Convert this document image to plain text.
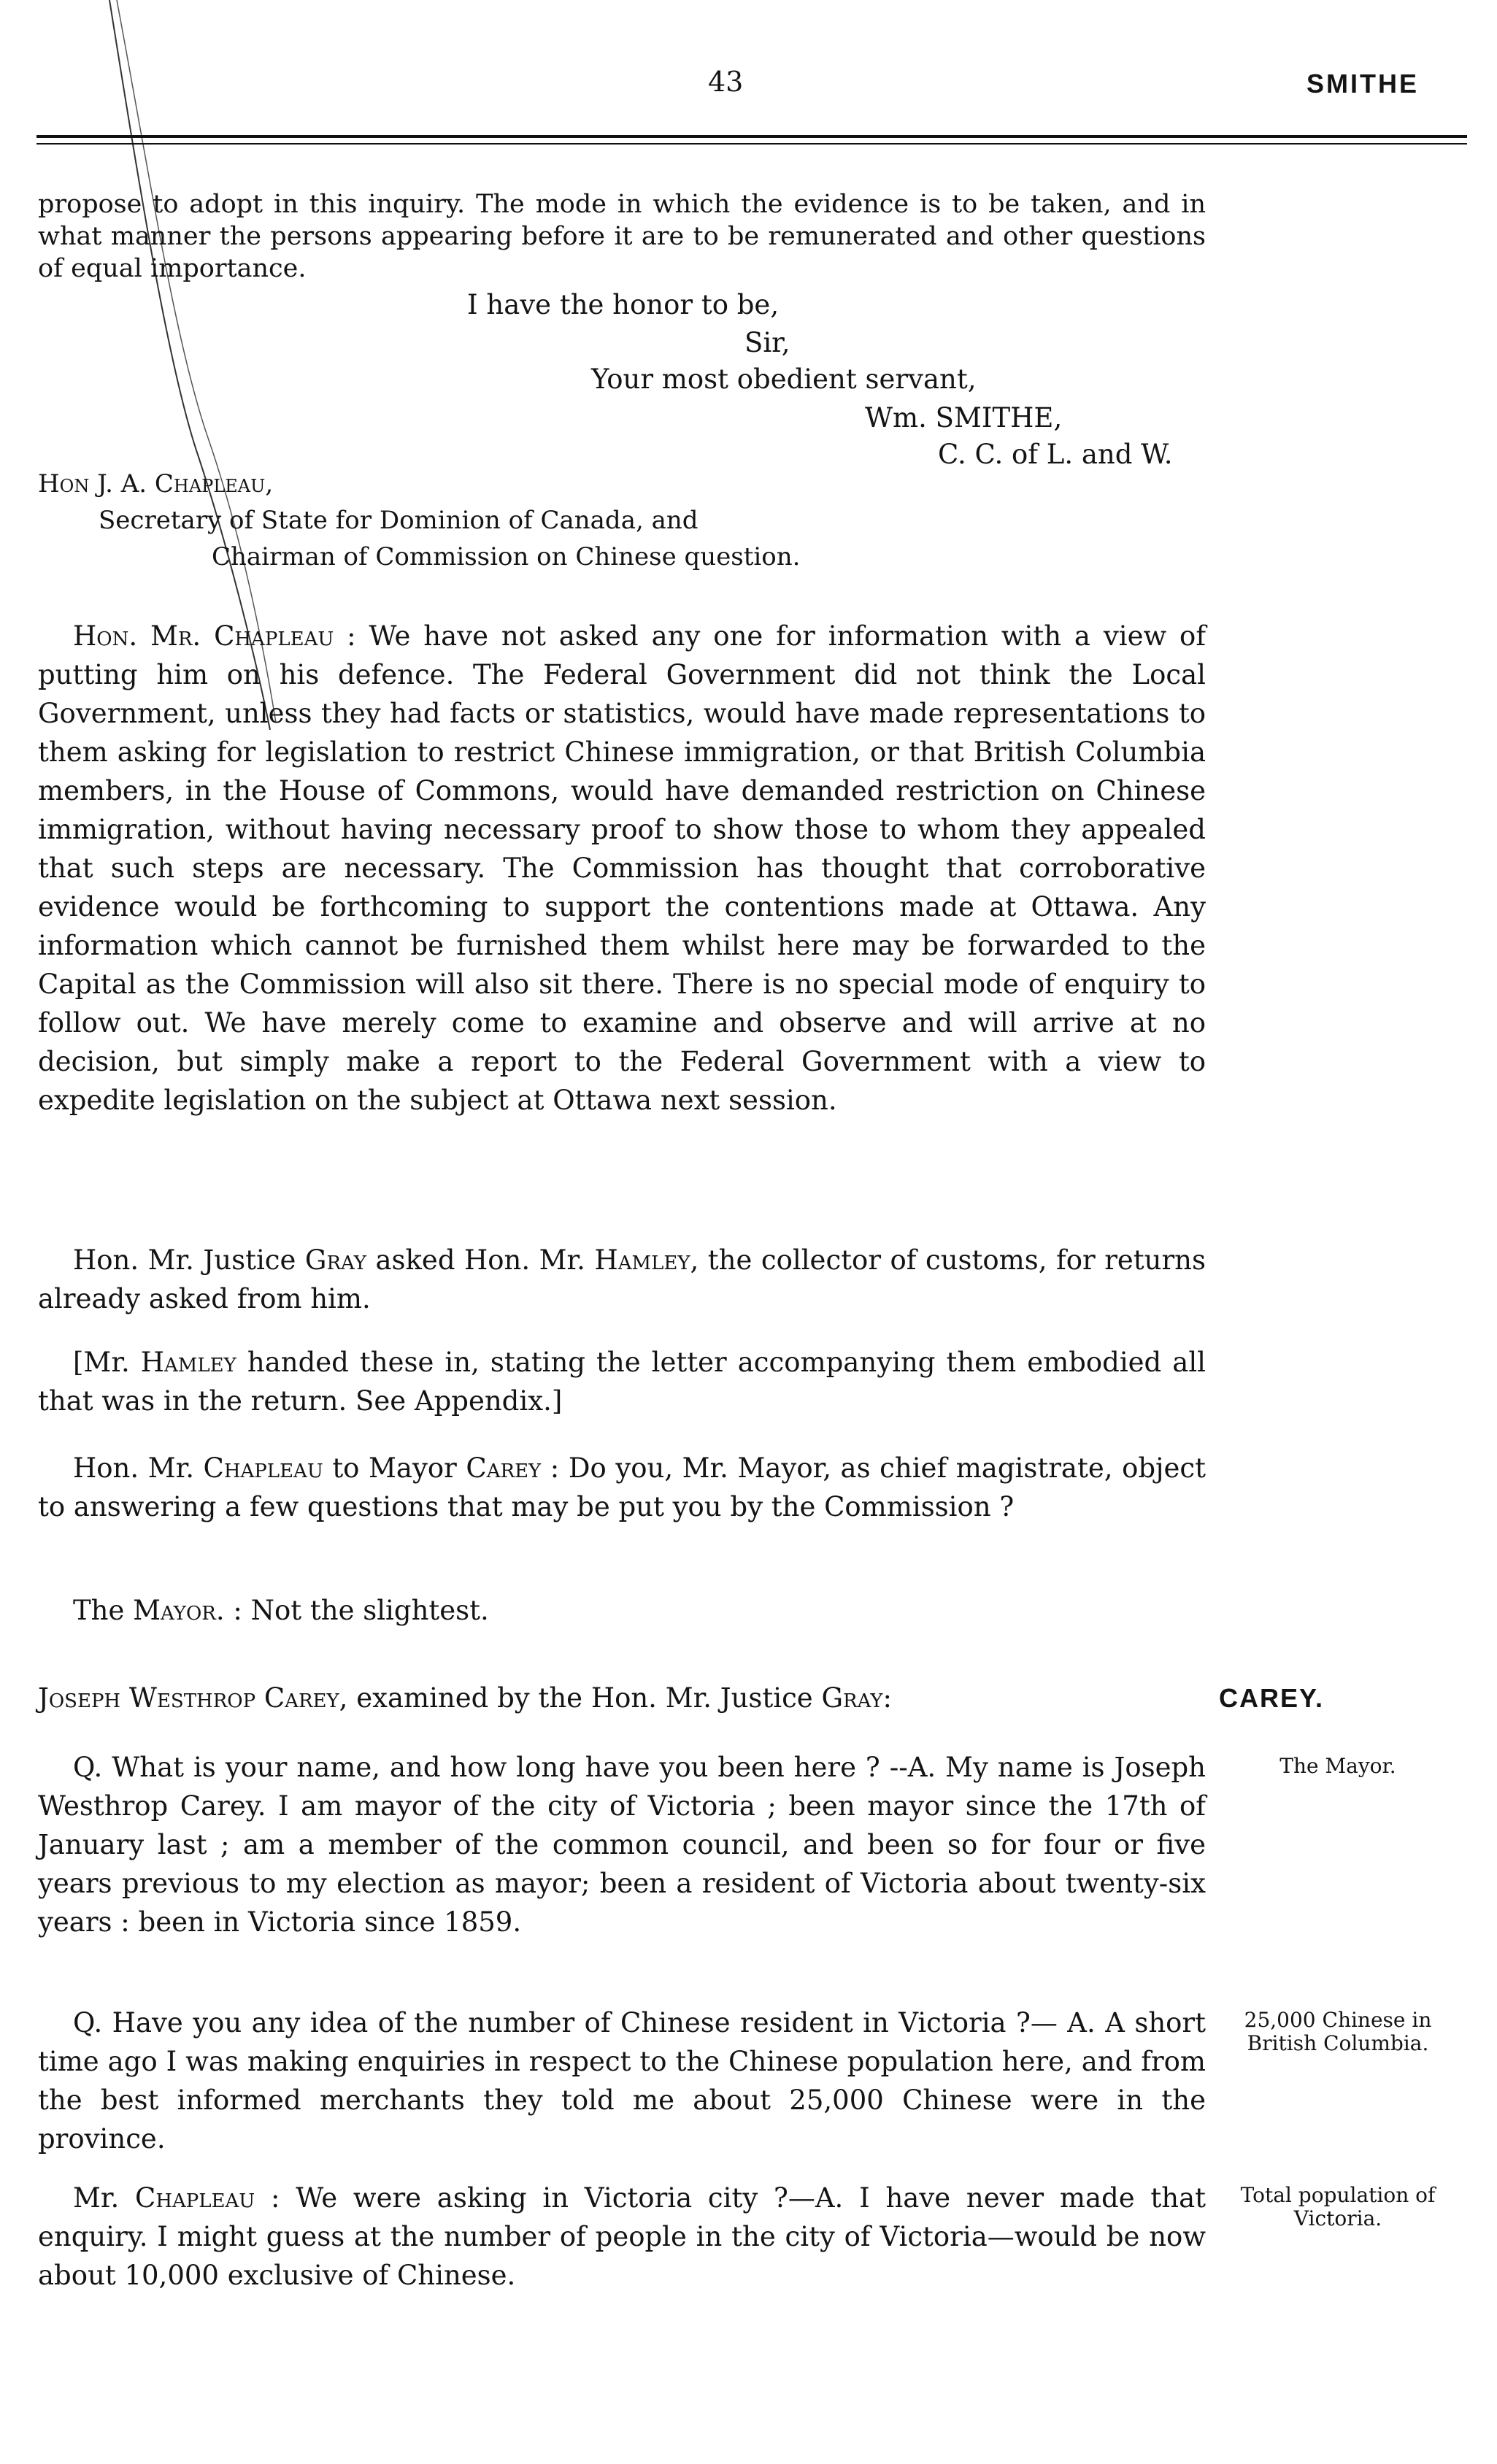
43	SMITHE

propose to adopt in this inquiry. The mode in which the evidence is to be taken, and in what manner the persons appearing before it are to be remunerated and other questions of equal importance.

I have the honor to be,
Sir,
Your most obedient servant,
Wm. SMITHE,
C. C. of L. and W.
Hon J. A. Chapleau,
Secretary of State for Dominion of Canada, and
Chairman of Commission on Chinese question.

Hon. Mr. Chapleau : We have not asked any one for information with a view of putting him on his defence. The Federal Government did not think the Local Government, unless they had facts or statistics, would have made representations to them asking for legislation to restrict Chinese immigration, or that British Columbia members, in the House of Commons, would have demanded restriction on Chinese immigration, without having necessary proof to show those to whom they appealed that such steps are necessary. The Commission has thought that corroborative evidence would be forthcoming to support the contentions made at Ottawa. Any information which cannot be furnished them whilst here may be forwarded to the Capital as the Commission will also sit there. There is no special mode of enquiry to follow out. We have merely come to examine and observe and will arrive at no decision, but simply make a report to the Federal Government with a view to expedite legislation on the subject at Ottawa next session.

Hon. Mr. Justice Gray asked Hon. Mr. Hamley, the collector of customs, for returns already asked from him.

[Mr. Hamley handed these in, stating the letter accompanying them embodied all that was in the return. See Appendix.]

Hon. Mr. Chapleau to Mayor Carey : Do you, Mr. Mayor, as chief magistrate, object to answering a few questions that may be put you by the Commission ?

The Mayor. : Not the slightest.

Joseph Westhrop Carey, examined by the Hon. Mr. Justice Gray:	CAREY.

Q. What is your name, and how long have you been here ? --A. My name is Joseph Westhrop Carey. I am mayor of the city of Victoria ; been mayor since the 17th of January last ; am a member of the common council, and been so for four or five years previous to my election as mayor; been a resident of Victoria about twenty-six years : been in Victoria since 1859.

The Mayor.

Q. Have you any idea of the number of Chinese resident in Victoria ?— A. A short time ago I was making enquiries in respect to the Chinese population here, and from the best informed merchants they told me about 25,000 Chinese were in the province.

25,000 Chinese in British Columbia.

Mr. Chapleau : We were asking in Victoria city ?—A. I have never made that enquiry. I might guess at the number of people in the city of Victoria—would be now about 10,000 exclusive of Chinese.

Total population of Victoria.
